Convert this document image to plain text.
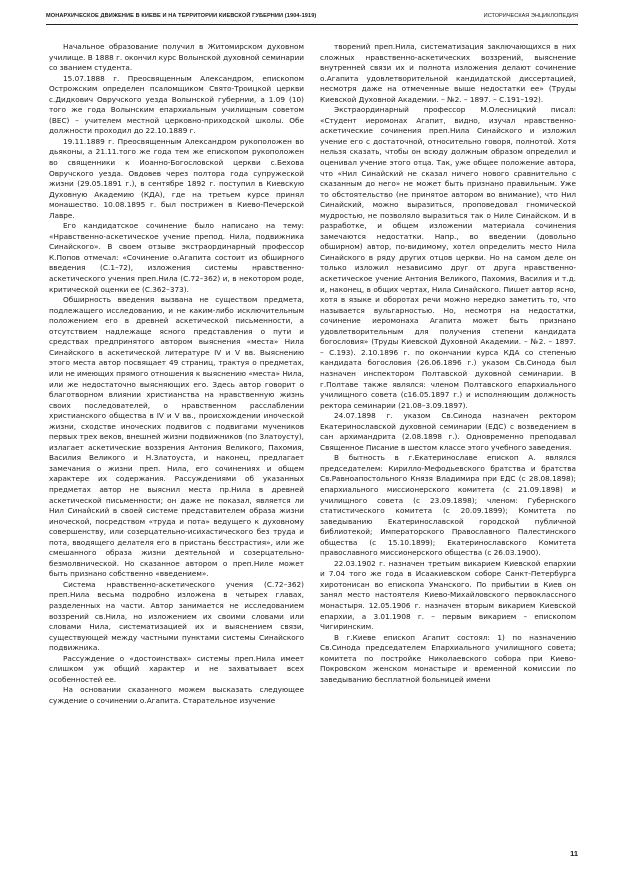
МОНАРХИЧЕСКОЕ ДВИЖЕНИЕ В КИЕВЕ И НА ТЕРРИТОРИИ КИЕВСКОЙ ГУБЕРНИИ (1904-1919)	ИСТОРИЧЕСКАЯ ЭНЦИКЛОПЕДИЯ

Начальное образование получил в Житомирском духовном училище. В 1888 г. окончил курс Волынской духовной семинарии со званием студента.

15.07.1888 г. Преосвященным Александром, епископом Острожским определен псаломщиком Свято-Троицкой церкви с.Дидкович Овручского уезда Волынской губернии, а 1.09 (10) того же года Волынским епархиальным училищным советом (ВЕС) – учителем местной церковно-приходской школы. Обе должности проходил до 22.10.1889 г.

19.11.1889 г. Преосвященным Александром рукоположен во дьяконы, а 21.11.того же года тем же епископом рукоположен во священники к Иоанно-Богословской церкви с.Бехова Овручского уезда. Овдовев через полтора года супружеской жизни (29.05.1891 г.), в сентябре 1892 г. поступил в Киевскую Духовную Академию (КДА), где на третьем курсе принял монашество. 10.08.1895 г. был пострижен в Киево-Печерской Лавре.

Его кандидатское сочинение было написано на тему: «Нравственно-аскетическое учение препод. Нила, подвижника Синайского». В своем отзыве экстраординарный профессор К.Попов отмечал: «Сочинение о.Агапита состоит из обширного введения (С.1–72), изложения системы нравственно-аскетического учения преп.Нила (С.72–362) и, в некотором роде, критической оценки ее (С.362–373).

Обширность введения вызвана не существом предмета, подлежащего исследованию, и не каким-либо исключительным положением его в древней аскетической письменности, а отсутствием надлежаще ясного представления о пути и средствах предпринятого автором выяснения «места» Нила Синайского в аскетической литературе IV и V вв. Выяснению этого места автор посвящает 49 страниц, трактуя о предметах, или не имеющих прямого отношения к выяснению «места» Нила, или же недостаточно выясняющих его. Здесь автор говорит о благотворном влиянии христианства на нравственную жизнь своих последователей, о нравственном расслаблении христианского общества в IV и V вв., происхождении иноческой жизни, сходстве иноческих подвигов с подвигами мучеников первых трех веков, внешней жизни подвижников (по Златоусту), излагает аскетические воззрения Антония Великого, Пахомия, Василия Великого и Н.Златоуста, и наконец, предлагает замечания о жизни преп. Нила, его сочинениях и общем характере их содержания. Рассуждениями об указанных предметах автор не выяснил места пр.Нила в древней аскетической письменности; он даже не показал, является ли Нил Синайский в своей системе представителем образа жизни иноческой, посредством «труда и пота» ведущего к духовному совершенству, или созерцательно-исихастического без труда и пота, вводящего делателя его в пристань бесстрастия», или же смешанного образа жизни деятельной и созерцательно-безмолвнической. Но сказанное автором о преп.Ниле может быть признано собственно «введением».

Система нравственно-аскетического учения (С.72–362) преп.Нила весьма подробно изложена в четырех главах, разделенных на части. Автор занимается не исследованием воззрений св.Нила, но изложением их своими словами или словами Нила, систематизацией их и выяснением связи, существующей между частными пунктами системы Синайского подвижника.

Рассуждение о «достоинствах» системы преп.Нила имеет слишком уж общий характер и не захватывает всех особенностей ее.

На основании сказанного можем высказать следующее суждение о сочинении о.Агапита. Старательное изучение

творений преп.Нила, систематизация заключающихся в них сложных нравственно-аскетических воззрений, выяснение внутренней связи их и полнота изложения делают сочинение о.Агапита удовлетворительной кандидатской диссертацией, несмотря даже на отмеченные выше недостатки ее» (Труды Киевской Духовной Академии. – №2. – 1897. – С.191–192).

Экстраординарный профессор М.Олесницкий писал: «Студент иеромонах Агапит, видно, изучал нравственно-аскетические сочинения преп.Нила Синайского и изложил учение его с достаточной, относительно говоря, полнотой. Хотя нельзя сказать, чтобы он всюду должным образом определил и оценивал учение этого отца. Так, уже общее положение автора, что «Нил Синайский не сказал ничего нового сравнительно с сказанным до него» не может быть признано правильным. Уже то обстоятельство (не принятое автором во внимание), что Нил Синайский, можно выразиться, проповедовал гномической мудростью, не позволяло выразиться так о Ниле Синайском. И в разработке, и общем изложении материала сочинения замечаются недостатки. Напр., во введении (довольно обширном) автор, по-видимому, хотел определить место Нила Синайского в ряду других отцов церкви. Но на самом деле он только изложил независимо друг от друга нравственно-аскетическое учение Антония Великого, Пахомия, Василия и т.д. и, наконец, в общих чертах, Нила Синайского. Пишет автор ясно, хотя в языке и оборотах речи можно нередко заметить то, что называется вульгарностью. Но, несмотря на недостатки, сочинение иеромонаха Агапита может быть признано удовлетворительным для получения степени кандидата богословия» (Труды Киевской Духовной Академии. – №2. – 1897. – С.193). 2.10.1896 г. по окончании курса КДА со степенью кандидата богословия (26.06.1896 г.) указом Св.Синода был назначен инспектором Полтавской духовной семинарии. В г.Полтаве также являлся: членом Полтавского епархиального училищного совета (с16.05.1897 г.) и исполняющим должность ректора семинарии (21.08–3.09.1897).

24.07.1898 г. указом Св.Синода назначен ректором Екатеринославской духовной семинарии (ЕДС) с возведением в сан архимандрита (2.08.1898 г.). Одновременно преподавал Священное Писание в шестом классе этого учебного заведения.

В бытность в г.Екатеринославе епископ А. являлся председателем: Кирилло-Мефодьевского братства и братства Св.Равноапостольного Князя Владимира при ЕДС (с 28.08.1898); епархиального миссионерского комитета (с 21.09.1898) и училищного совета (с 23.09.1898); членом: Губернского статистического комитета (с 20.09.1899); Комитета по заведыванию Екатеринославской городской публичной библиотекой; Императорского Православного Палестинского общества (с 15.10.1899); Екатеринославского Комитета православного миссионерского общества (с 26.03.1900).

22.03.1902 г. назначен третьим викарием Киевской епархии и 7.04 того же года в Исаакиевском соборе Санкт-Петербурга хиротонисан во епископа Уманского. По прибытии в Киев он занял место настоятеля Киево-Михайловского первоклассного монастыря. 12.05.1906 г. назначен вторым викарием Киевской епархии, а 3.01.1908 г. – первым викарием – епископом Чигиринским.

В г.Киеве епископ Агапит состоял: 1) по назначению Св.Синода председателем Епархиального училищного совета; комитета по постройке Николаевского собора при Киево-Покровском женском монастыре и временной комиссии по заведыванию бесплатной больницей имени

11
